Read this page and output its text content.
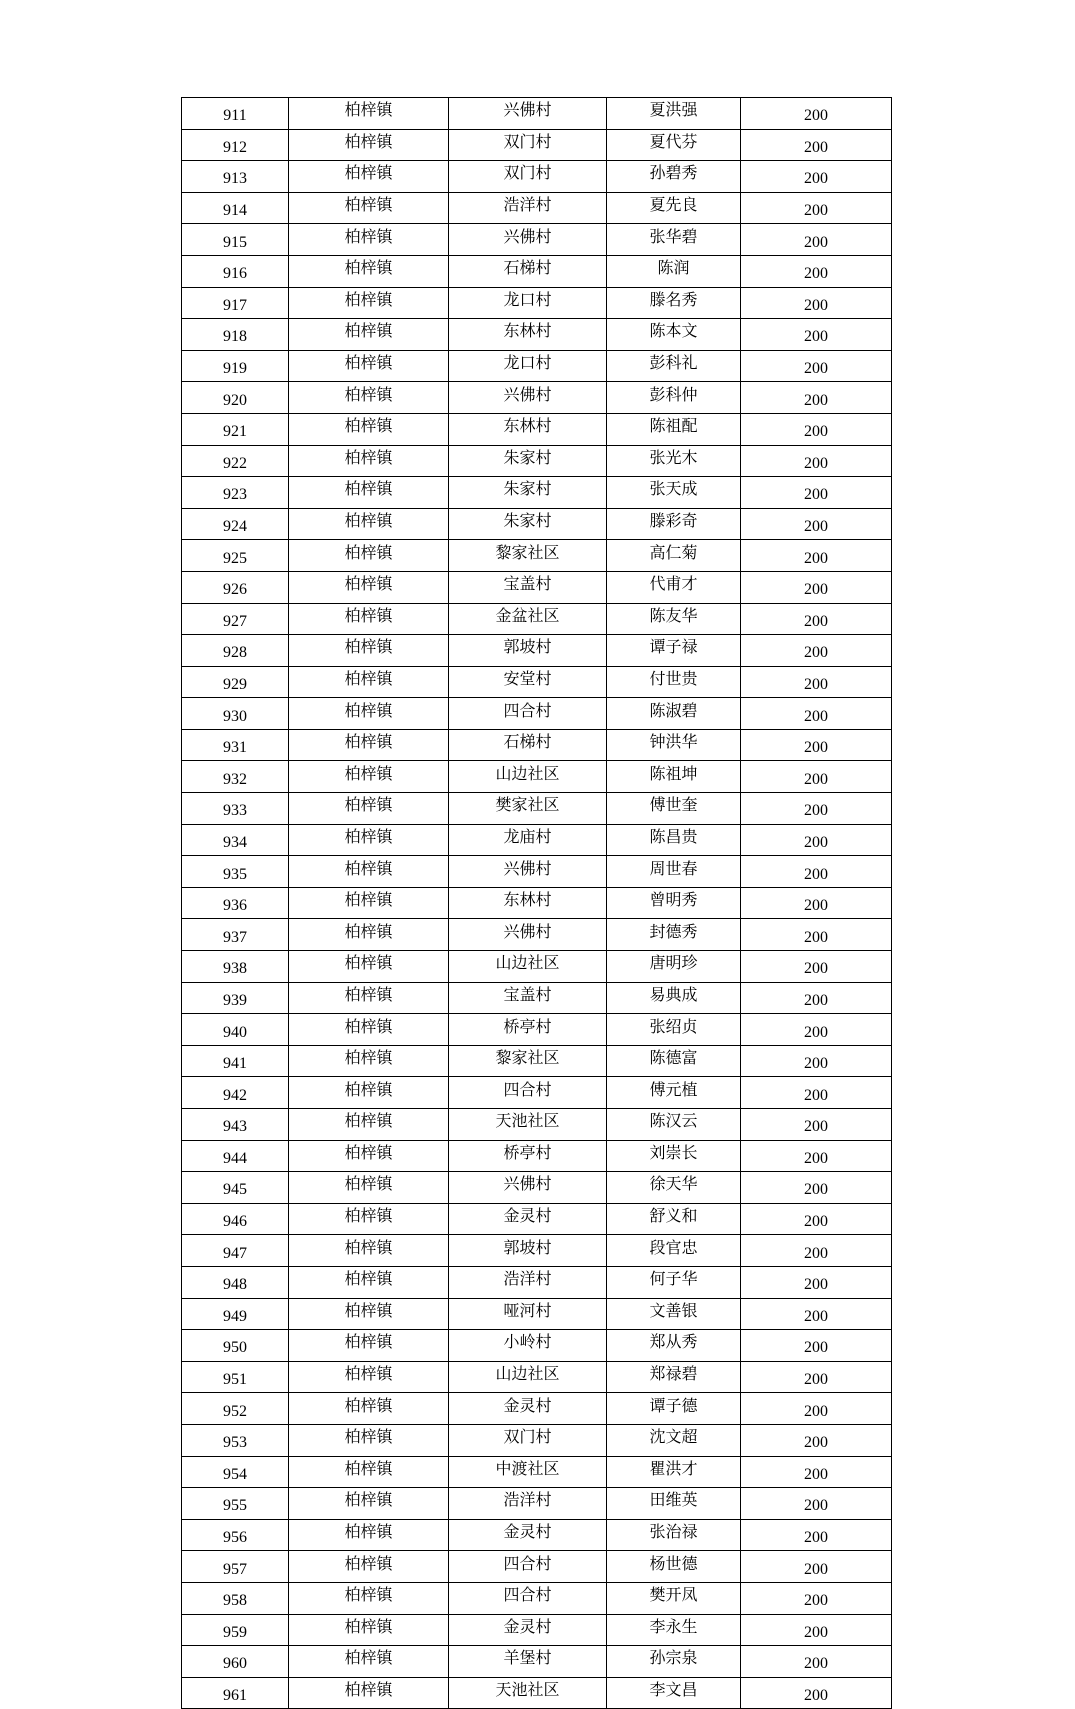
911	柏梓镇	兴佛村	夏洪强	200
912	柏梓镇	双门村	夏代芬	200
913	柏梓镇	双门村	孙碧秀	200
914	柏梓镇	浩洋村	夏先良	200
915	柏梓镇	兴佛村	张华碧	200
916	柏梓镇	石梯村	陈润	200
917	柏梓镇	龙口村	滕名秀	200
918	柏梓镇	东林村	陈本文	200
919	柏梓镇	龙口村	彭科礼	200
920	柏梓镇	兴佛村	彭科仲	200
921	柏梓镇	东林村	陈祖配	200
922	柏梓镇	朱家村	张光木	200
923	柏梓镇	朱家村	张天成	200
924	柏梓镇	朱家村	滕彩奇	200
925	柏梓镇	黎家社区	高仁菊	200
926	柏梓镇	宝盖村	代甫才	200
927	柏梓镇	金盆社区	陈友华	200
928	柏梓镇	郭坡村	谭子禄	200
929	柏梓镇	安堂村	付世贵	200
930	柏梓镇	四合村	陈淑碧	200
931	柏梓镇	石梯村	钟洪华	200
932	柏梓镇	山边社区	陈祖坤	200
933	柏梓镇	樊家社区	傅世奎	200
934	柏梓镇	龙庙村	陈昌贵	200
935	柏梓镇	兴佛村	周世春	200
936	柏梓镇	东林村	曾明秀	200
937	柏梓镇	兴佛村	封德秀	200
938	柏梓镇	山边社区	唐明珍	200
939	柏梓镇	宝盖村	易典成	200
940	柏梓镇	桥亭村	张绍贞	200
941	柏梓镇	黎家社区	陈德富	200
942	柏梓镇	四合村	傅元植	200
943	柏梓镇	天池社区	陈汉云	200
944	柏梓镇	桥亭村	刘崇长	200
945	柏梓镇	兴佛村	徐天华	200
946	柏梓镇	金灵村	舒义和	200
947	柏梓镇	郭坡村	段官忠	200
948	柏梓镇	浩洋村	何子华	200
949	柏梓镇	哑河村	文善银	200
950	柏梓镇	小岭村	郑从秀	200
951	柏梓镇	山边社区	郑禄碧	200
952	柏梓镇	金灵村	谭子德	200
953	柏梓镇	双门村	沈文超	200
954	柏梓镇	中渡社区	瞿洪才	200
955	柏梓镇	浩洋村	田维英	200
956	柏梓镇	金灵村	张治禄	200
957	柏梓镇	四合村	杨世德	200
958	柏梓镇	四合村	樊开凤	200
959	柏梓镇	金灵村	李永生	200
960	柏梓镇	羊堡村	孙宗泉	200
961	柏梓镇	天池社区	李文昌	200
